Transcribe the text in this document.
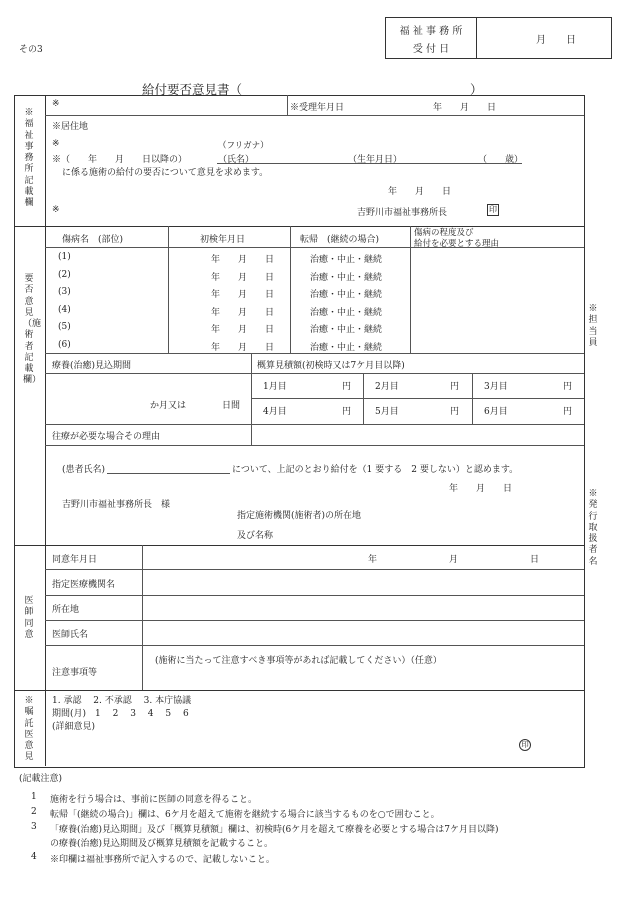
その3
福 祉 事 務 所
受 付 日
月　　日
給付要否意見書（	）
※福祉事務所記載欄
※	※受理年月日	年　　月　　日
※居住地
※	（フリガナ）
※（　　年　　月　　日以降の）	（氏名）	（生年月日）	（　　歳）
に係る施術の給付の要否について意見を求めます。
年　　月　　日
※	吉野川市福祉事務所長	印
要否意見（施術者記載欄）
傷病名　(部位)	初検年月日	転帰　(継続の場合)
傷病の程度及び
給付を必要とする理由
(1)	年　　月　　日	治癒・中止・継続
(2)	年　　月　　日	治癒・中止・継続
(3)	年　　月　　日	治癒・中止・継続
(4)	年　　月　　日	治癒・中止・継続
(5)	年　　月　　日	治癒・中止・継続
(6)	年　　月　　日	治癒・中止・継続
療養(治癒)見込期間	概算見積額(初検時又は7ケ月目以降)
か月又は　　　　日間
1月目	円	2月目	円	3月目	円
4月目	円	5月目	円	6月目	円
往療が必要な場合その理由
(患者氏名)	について、上記のとおり給付を（1 要する　2 要しない）と認めます。
年　　月　　日
吉野川市福祉事務所長　様
指定施術機関(施術者)の所在地
及び名称
医師同意
同意年月日	年	月	日
指定医療機関名
所在地
医師氏名
注意事項等
(施術に当たって注意すべき事項等があれば記載してください）（任意）
※嘱託医意見
1. 承認　 2. 不承認　 3. 本庁協議
期間(月)　1　 2　 3　 4　 5　 6
(詳細意見)
印
※担当員
※発行取扱者名
(記載注意)
1 施術を行う場合は、事前に医師の同意を得ること。
2 転帰「(継続の場合)」欄は、6ケ月を超えて施術を継続する場合に該当するものを○で囲むこと。
3 「療養(治癒)見込期間」及び「概算見積額」欄は、初検時(6ケ月を超えて療養を必要とする場合は7ケ月目以降)
の療養(治癒)見込期間及び概算見積額を記載すること。
4 ※印欄は福祉事務所で記入するので、記載しないこと。
